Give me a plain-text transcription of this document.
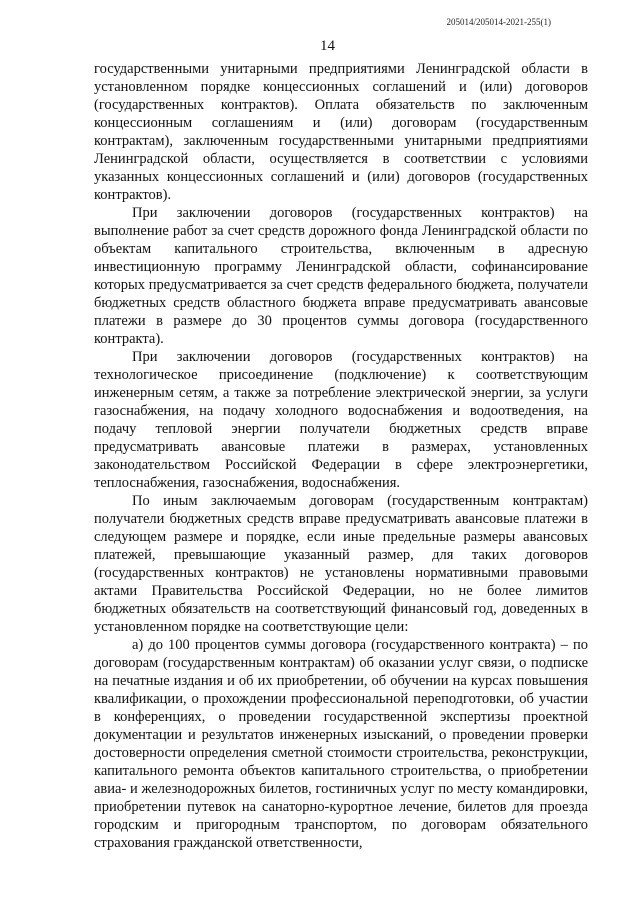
205014/205014-2021-255(1)
14

государственными унитарными предприятиями Ленинградской области в установленном порядке концессионных соглашений и (или) договоров (государственных контрактов). Оплата обязательств по заключенным концессионным соглашениям и (или) договорам (государственным контрактам), заключенным государственными унитарными предприятиями Ленинградской области, осуществляется в соответствии с условиями указанных концессионных соглашений и (или) договоров (государственных контрактов).

При заключении договоров (государственных контрактов) на выполнение работ за счет средств дорожного фонда Ленинградской области по объектам капитального строительства, включенным в адресную инвестиционную программу Ленинградской области, софинансирование которых предусматривается за счет средств федерального бюджета, получатели бюджетных средств областного бюджета вправе предусматривать авансовые платежи в размере до 30 процентов суммы договора (государственного контракта).

При заключении договоров (государственных контрактов) на технологическое присоединение (подключение) к соответствующим инженерным сетям, а также за потребление электрической энергии, за услуги газоснабжения, на подачу холодного водоснабжения и водоотведения, на подачу тепловой энергии получатели бюджетных средств вправе предусматривать авансовые платежи в размерах, установленных законодательством Российской Федерации в сфере электроэнергетики, теплоснабжения, газоснабжения, водоснабжения.

По иным заключаемым договорам (государственным контрактам) получатели бюджетных средств вправе предусматривать авансовые платежи в следующем размере и порядке, если иные предельные размеры авансовых платежей, превышающие указанный размер, для таких договоров (государственных контрактов) не установлены нормативными правовыми актами Правительства Российской Федерации, но не более лимитов бюджетных обязательств на соответствующий финансовый год, доведенных в установленном порядке на соответствующие цели:

а) до 100 процентов суммы договора (государственного контракта) – по договорам (государственным контрактам) об оказании услуг связи, о подписке на печатные издания и об их приобретении, об обучении на курсах повышения квалификации, о прохождении профессиональной переподготовки, об участии в конференциях, о проведении государственной экспертизы проектной документации и результатов инженерных изысканий, о проведении проверки достоверности определения сметной стоимости строительства, реконструкции, капитального ремонта объектов капитального строительства, о приобретении авиа- и железнодорожных билетов, гостиничных услуг по месту командировки, приобретении путевок на санаторно-курортное лечение, билетов для проезда городским и пригородным транспортом, по договорам обязательного страхования гражданской ответственности,
